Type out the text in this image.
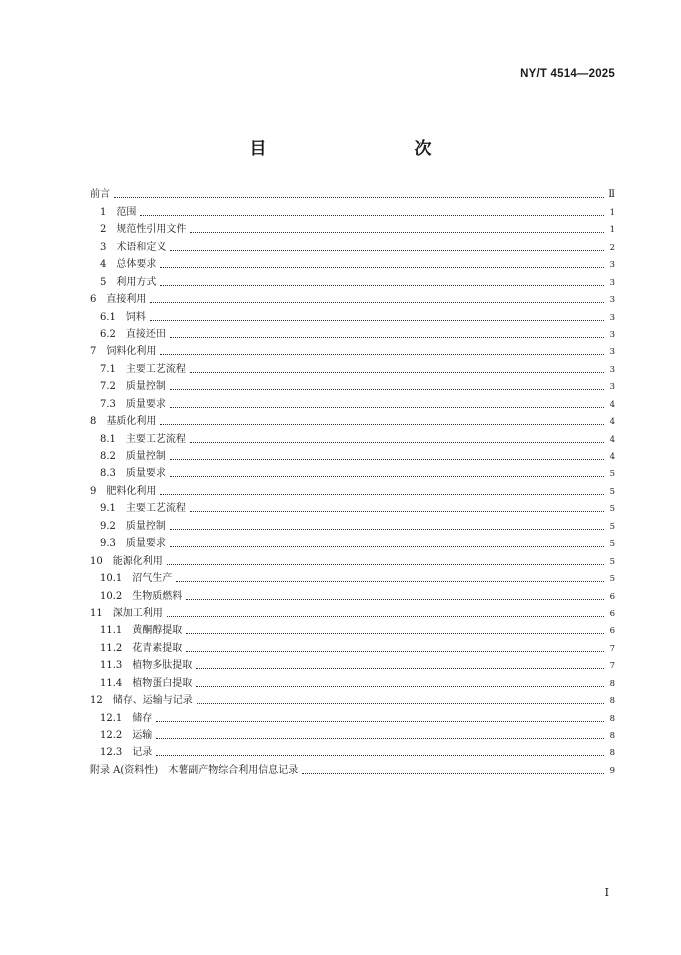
NY/T 4514—2025
目　　次
前言	Ⅱ
1　范围	1
2　规范性引用文件	1
3　术语和定义	2
4　总体要求	3
5　利用方式	3
6　直接利用	3
6.1　饲料	3
6.2　直接还田	3
7　饲料化利用	3
7.1　主要工艺流程	3
7.2　质量控制	3
7.3　质量要求	4
8　基质化利用	4
8.1　主要工艺流程	4
8.2　质量控制	4
8.3　质量要求	5
9　肥料化利用	5
9.1　主要工艺流程	5
9.2　质量控制	5
9.3　质量要求	5
10　能源化利用	5
10.1　沼气生产	5
10.2　生物质燃料	6
11　深加工利用	6
11.1　黄酮醇提取	6
11.2　花青素提取	7
11.3　植物多肽提取	7
11.4　植物蛋白提取	8
12　储存、运输与记录	8
12.1　储存	8
12.2　运输	8
12.3　记录	8
附录 A(资料性)　木薯副产物综合利用信息记录	9
Ⅰ
